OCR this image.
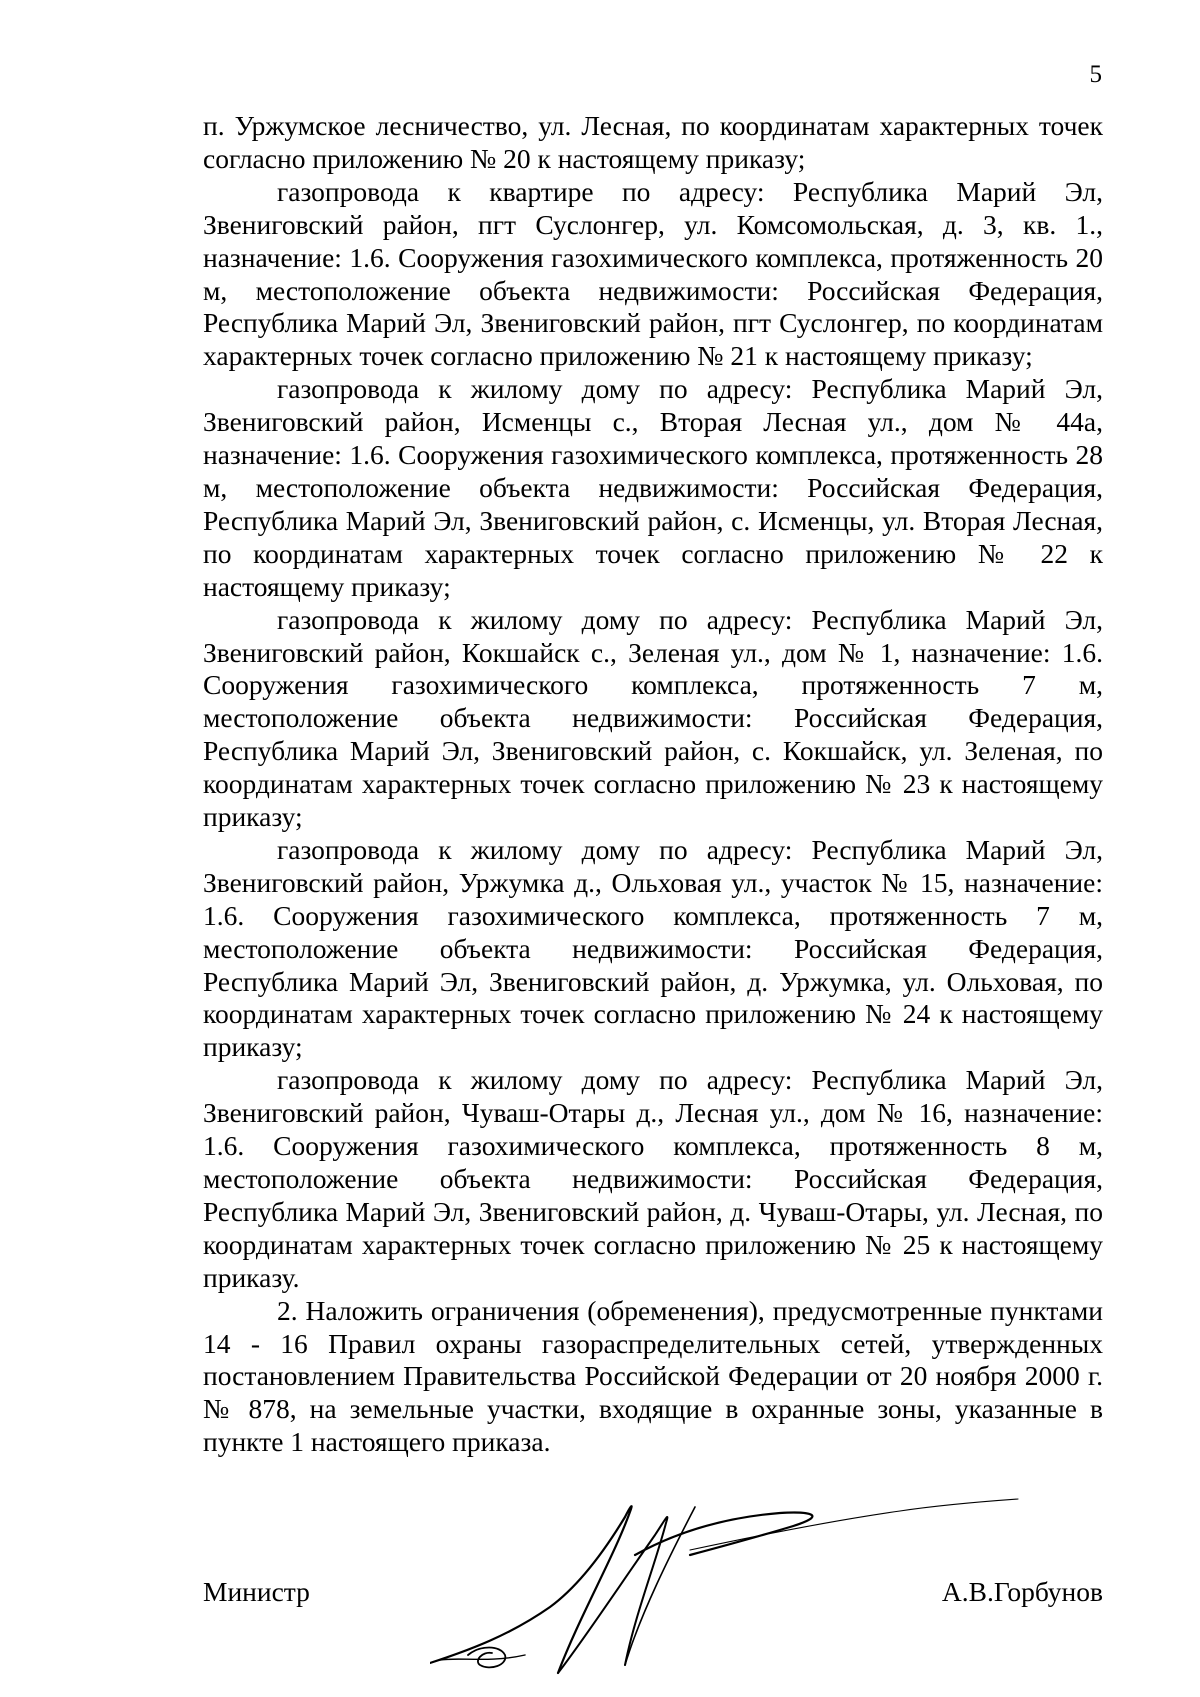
5

п. Уржумское лесничество, ул. Лесная, по координатам характерных точек согласно приложению № 20 к настоящему приказу;

газопровода к квартире по адресу: Республика Марий Эл, Звениговский район, пгт Суслонгер, ул. Комсомольская, д. 3, кв. 1., назначение: 1.6. Сооружения газохимического комплекса, протяженность 20 м, местоположение объекта недвижимости: Российская Федерация, Республика Марий Эл, Звениговский район, пгт Суслонгер, по координатам характерных точек согласно приложению № 21 к настоящему приказу;

газопровода к жилому дому по адресу: Республика Марий Эл, Звениговский район, Исменцы с., Вторая Лесная ул., дом № 44а, назначение: 1.6. Сооружения газохимического комплекса, протяженность 28 м, местоположение объекта недвижимости: Российская Федерация, Республика Марий Эл, Звениговский район, с. Исменцы, ул. Вторая Лесная, по координатам характерных точек согласно приложению № 22 к настоящему приказу;

газопровода к жилому дому по адресу: Республика Марий Эл, Звениговский район, Кокшайск с., Зеленая ул., дом № 1, назначение: 1.6. Сооружения газохимического комплекса, протяженность 7 м, местоположение объекта недвижимости: Российская Федерация, Республика Марий Эл, Звениговский район, с. Кокшайск, ул. Зеленая, по координатам характерных точек согласно приложению № 23 к настоящему приказу;

газопровода к жилому дому по адресу: Республика Марий Эл, Звениговский район, Уржумка д., Ольховая ул., участок № 15, назначение: 1.6. Сооружения газохимического комплекса, протяженность 7 м, местоположение объекта недвижимости: Российская Федерация, Республика Марий Эл, Звениговский район, д. Уржумка, ул. Ольховая, по координатам характерных точек согласно приложению № 24 к настоящему приказу;

газопровода к жилому дому по адресу: Республика Марий Эл, Звениговский район, Чуваш-Отары д., Лесная ул., дом № 16, назначение: 1.6. Сооружения газохимического комплекса, протяженность 8 м, местоположение объекта недвижимости: Российская Федерация, Республика Марий Эл, Звениговский район, д. Чуваш-Отары, ул. Лесная, по координатам характерных точек согласно приложению № 25 к настоящему приказу.

2. Наложить ограничения (обременения), предусмотренные пунктами 14 - 16 Правил охраны газораспределительных сетей, утвержденных постановлением Правительства Российской Федерации от 20 ноября 2000 г. № 878, на земельные участки, входящие в охранные зоны, указанные в пункте 1 настоящего приказа.

Министр	А.В.Горбунов
